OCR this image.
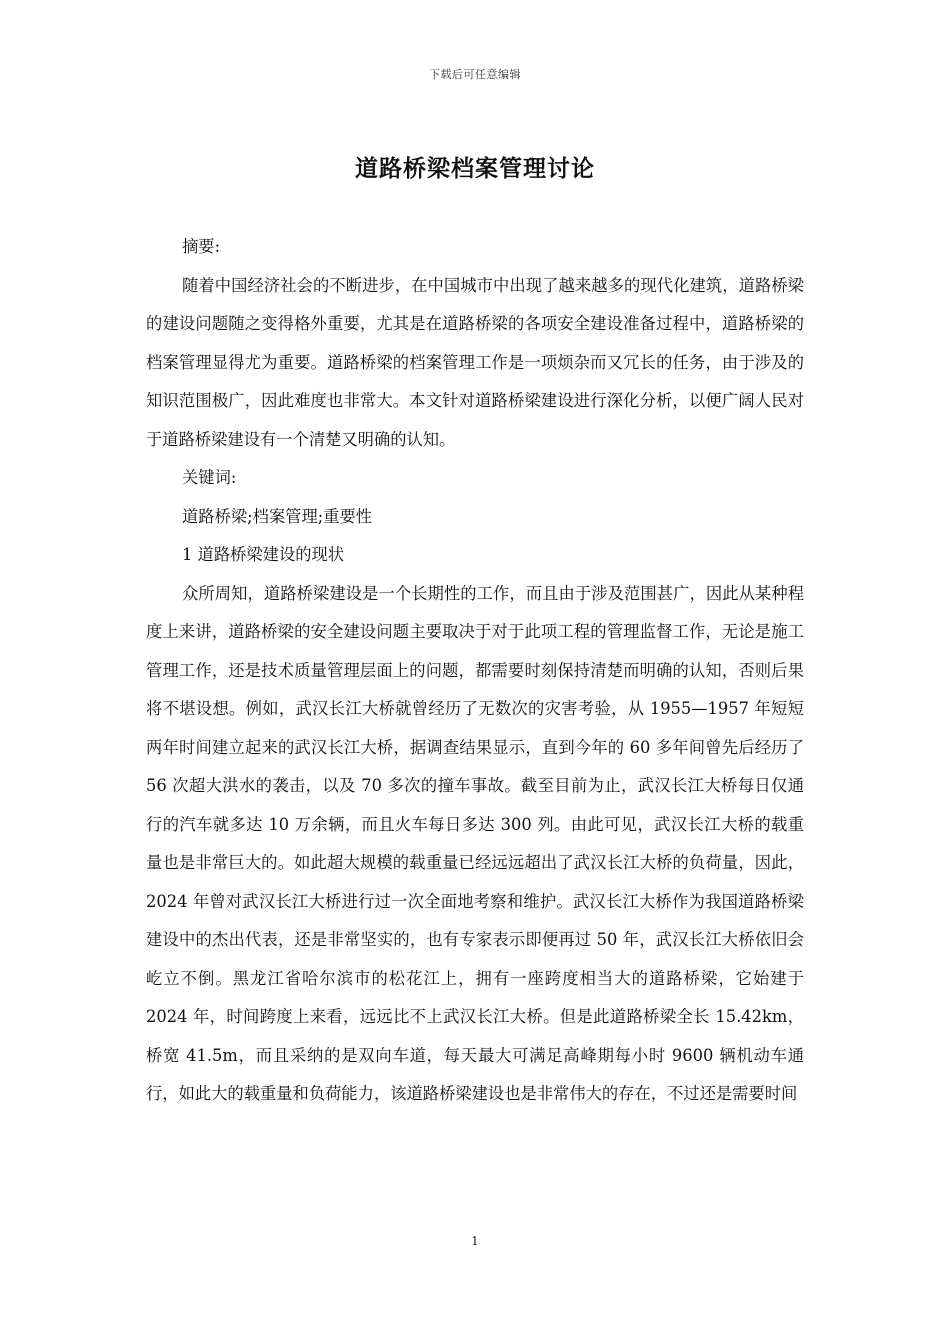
下载后可任意编辑
道路桥梁档案管理讨论

摘要:

随着中国经济社会的不断进步，在中国城市中出现了越来越多的现代化建筑，道路桥梁的建设问题随之变得格外重要，尤其是在道路桥梁的各项安全建设准备过程中，道路桥梁的档案管理显得尤为重要。道路桥梁的档案管理工作是一项烦杂而又冗长的任务，由于涉及的知识范围极广，因此难度也非常大。本文针对道路桥梁建设进行深化分析，以便广阔人民对于道路桥梁建设有一个清楚又明确的认知。

关键词:

道路桥梁;档案管理;重要性

1 道路桥梁建设的现状

众所周知，道路桥梁建设是一个长期性的工作，而且由于涉及范围甚广，因此从某种程度上来讲，道路桥梁的安全建设问题主要取决于对于此项工程的管理监督工作，无论是施工管理工作，还是技术质量管理层面上的问题，都需要时刻保持清楚而明确的认知，否则后果将不堪设想。例如，武汉长江大桥就曾经历了无数次的灾害考验，从 1955—1957 年短短两年时间建立起来的武汉长江大桥，据调查结果显示，直到今年的 60 多年间曾先后经历了 56 次超大洪水的袭击，以及 70 多次的撞车事故。截至目前为止，武汉长江大桥每日仅通行的汽车就多达 10 万余辆，而且火车每日多达 300 列。由此可见，武汉长江大桥的载重量也是非常巨大的。如此超大规模的载重量已经远远超出了武汉长江大桥的负荷量，因此，2024 年曾对武汉长江大桥进行过一次全面地考察和维护。武汉长江大桥作为我国道路桥梁建设中的杰出代表，还是非常坚实的，也有专家表示即便再过 50 年，武汉长江大桥依旧会屹立不倒。黑龙江省哈尔滨市的松花江上，拥有一座跨度相当大的道路桥梁，它始建于 2024 年，时间跨度上来看，远远比不上武汉长江大桥。但是此道路桥梁全长 15.42km，桥宽 41.5m，而且采纳的是双向车道，每天最大可满足高峰期每小时 9600 辆机动车通行，如此大的载重量和负荷能力，该道路桥梁建设也是非常伟大的存在，不过还是需要时间

1
